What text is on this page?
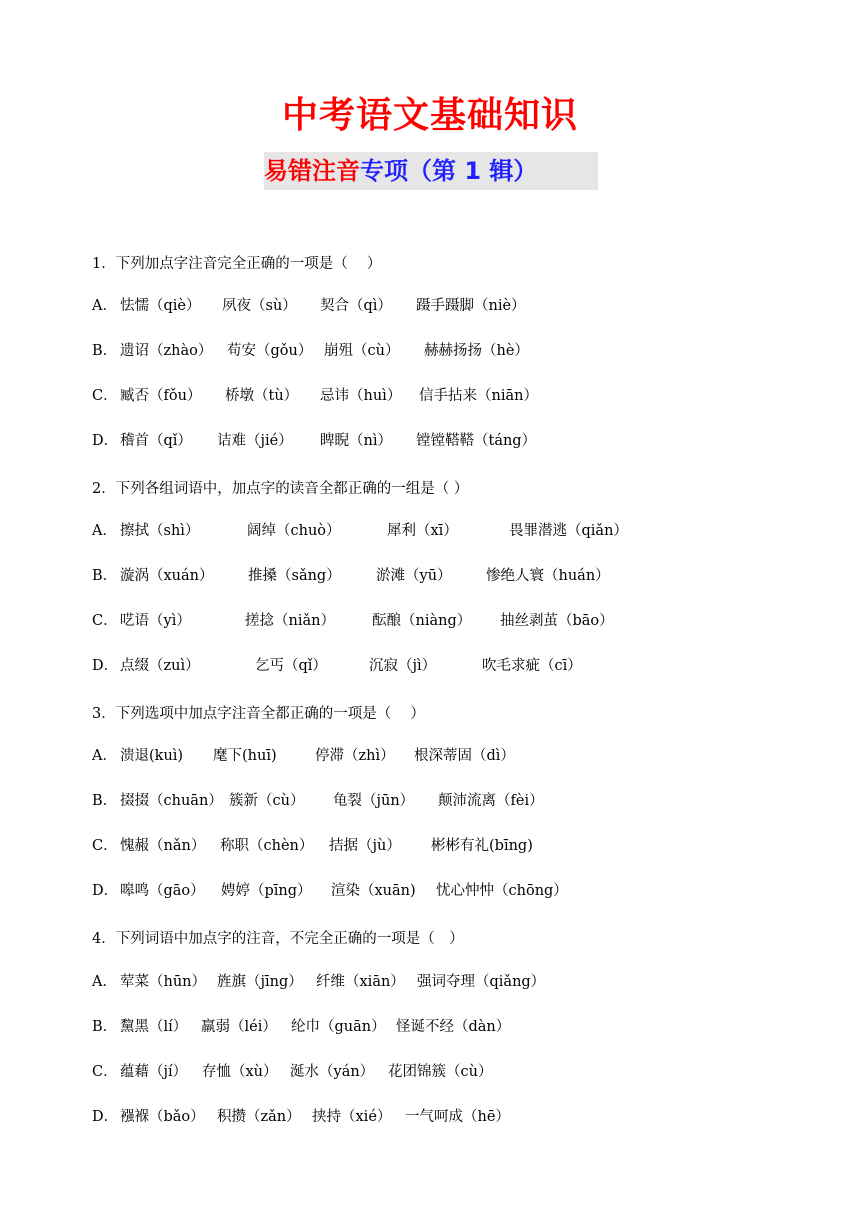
中考语文基础知识
易错注音专项（第 1 辑）
1．下列加点字注音完全正确的一项是（　 ）
A． 怯懦（qiè） 夙夜（sù） 契合（qì） 蹑手蹑脚（niè）
B． 遗诏（zhào） 苟安（gǒu） 崩殂（cù） 赫赫扬扬（hè）
C． 臧否（fǒu） 桥墩（tù） 忌讳（huì） 信手拈来（niān）
D． 稽首（qǐ） 诘难（jié） 睥睨（nì） 镗镗鞳鞳（táng）
2．下列各组词语中，加点字的读音全都正确的一组是（ ）
A． 擦拭（shì）	阔绰（chuò）	犀利（xī）	畏罪潜逃（qiǎn）
B． 漩涡（xuán） 推搡（sǎng） 淤滩（yū） 惨绝人寰（huán）
C． 呓语（yì）	搓捻（niǎn）	酝酿（niàng） 抽丝剥茧（bāo）
D． 点缀（zuì）	乞丐（qǐ）	沉寂（jì）	吹毛求疵（cī）
3．下列选项中加点字注音全都正确的一项是（　 ）
A． 溃退(kuì) 麾下(huī)	停滞（zhì） 根深蒂固（dì）
B． 掇掇（chuān） 簇新（cù） 龟裂（jūn） 颠沛流离（fèi）
C． 愧赧（nǎn） 称职（chèn） 拮据（jù） 彬彬有礼(bīng)
D． 嗥鸣（gāo） 娉婷（pīng） 渲染（xuān) 忧心忡忡（chōng）
4．下列词语中加点字的注音，不完全正确的一项是（　）
A． 荤菜（hūn） 旌旗（jīng） 纤维（xiān） 强词夺理（qiǎng）
B． 黧黑（lí） 羸弱（léi） 纶巾（guān） 怪诞不经（dàn）
C． 蕴藉（jí） 存恤（xù） 涎水（yán） 花团锦簇（cù）
D． 襁褓（bǎo） 积攒（zǎn） 挟持（xié） 一气呵成（hē）
